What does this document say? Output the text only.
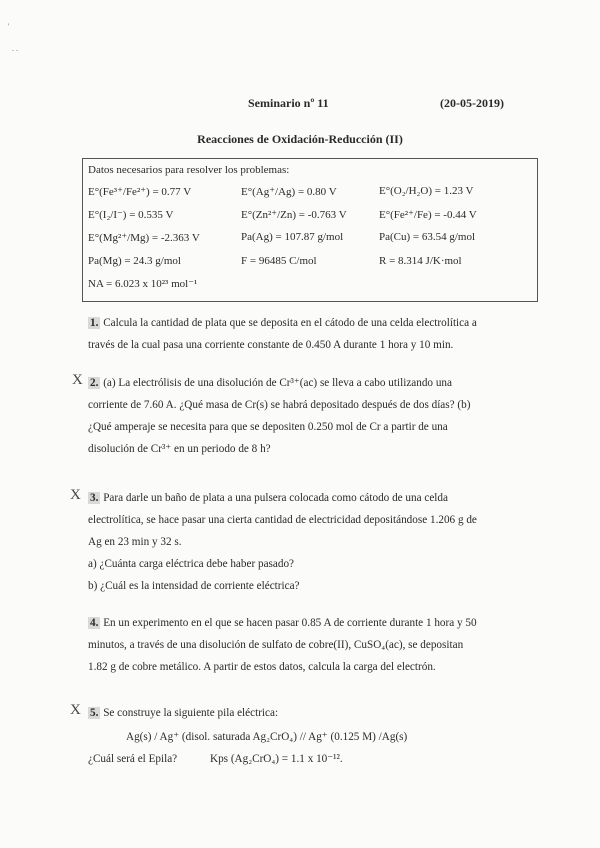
'
. .
Seminario nº 11	(20-05-2019)
Reacciones de Oxidación-Reducción (II)
Datos necesarios para resolver los problemas:
E°(Fe³⁺/Fe²⁺) = 0.77 V	E°(Ag⁺/Ag) = 0.80 V	E°(O₂/H₂O) = 1.23 V
E°(I₂/I⁻) = 0.535 V	E°(Zn²⁺/Zn) = -0.763 V	E°(Fe²⁺/Fe) = -0.44 V
E°(Mg²⁺/Mg) = -2.363 V	Pa(Ag) = 107.87 g/mol	Pa(Cu) = 63.54 g/mol
Pa(Mg) = 24.3 g/mol	F = 96485 C/mol	R = 8.314 J/K·mol
NA = 6.023 x 10²³ mol⁻¹
1. Calcula la cantidad de plata que se deposita en el cátodo de una celda electrolítica a
través de la cual pasa una corriente constante de 0.450 A durante 1 hora y 10 min.
X 2. (a) La electrólisis de una disolución de Cr³⁺(ac) se lleva a cabo utilizando una
corriente de 7.60 A. ¿Qué masa de Cr(s) se habrá depositado después de dos días? (b)
¿Qué amperaje se necesita para que se depositen 0.250 mol de Cr a partir de una
disolución de Cr³⁺ en un periodo de 8 h?
X 3. Para darle un baño de plata a una pulsera colocada como cátodo de una celda
electrolítica, se hace pasar una cierta cantidad de electricidad depositándose 1.206 g de
Ag en 23 min y 32 s.
a) ¿Cuánta carga eléctrica debe haber pasado?
b) ¿Cuál es la intensidad de corriente eléctrica?
4. En un experimento en el que se hacen pasar 0.85 A de corriente durante 1 hora y 50
minutos, a través de una disolución de sulfato de cobre(II), CuSO₄(ac), se depositan
1.82 g de cobre metálico. A partir de estos datos, calcula la carga del electrón.
X 5. Se construye la siguiente pila eléctrica:
Ag(s) / Ag⁺ (disol. saturada Ag₂CrO₄) // Ag⁺ (0.125 M) /Ag(s)
¿Cuál será el Epila?	Kps (Ag₂CrO₄) = 1.1 x 10⁻¹².
